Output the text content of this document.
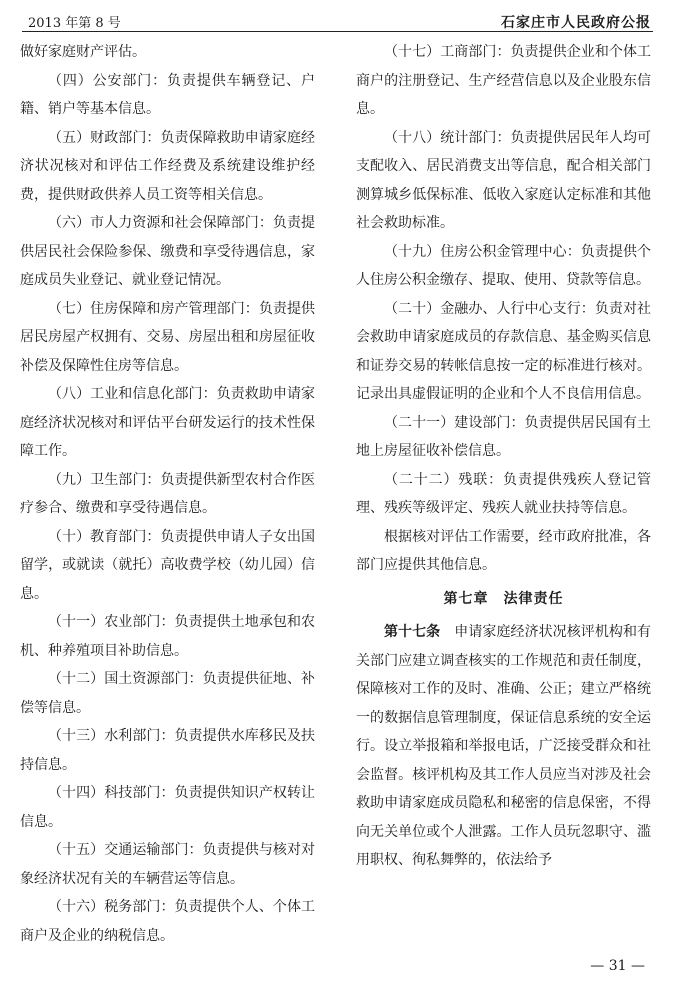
2013 年第 8 号	石家庄市人民政府公报

做好家庭财产评估。

（四）公安部门：负责提供车辆登记、户籍、销户等基本信息。

（五）财政部门：负责保障救助申请家庭经济状况核对和评估工作经费及系统建设维护经费，提供财政供养人员工资等相关信息。

（六）市人力资源和社会保障部门：负责提供居民社会保险参保、缴费和享受待遇信息，家庭成员失业登记、就业登记情况。

（七）住房保障和房产管理部门：负责提供居民房屋产权拥有、交易、房屋出租和房屋征收补偿及保障性住房等信息。

（八）工业和信息化部门：负责救助申请家庭经济状况核对和评估平台研发运行的技术性保障工作。

（九）卫生部门：负责提供新型农村合作医疗参合、缴费和享受待遇信息。

（十）教育部门：负责提供申请人子女出国留学，或就读（就托）高收费学校（幼儿园）信息。

（十一）农业部门：负责提供土地承包和农机、种养殖项目补助信息。

（十二）国土资源部门：负责提供征地、补偿等信息。

（十三）水利部门：负责提供水库移民及扶持信息。

（十四）科技部门：负责提供知识产权转让信息。

（十五）交通运输部门：负责提供与核对对象经济状况有关的车辆营运等信息。

（十六）税务部门：负责提供个人、个体工商户及企业的纳税信息。

（十七）工商部门：负责提供企业和个体工商户的注册登记、生产经营信息以及企业股东信息。

（十八）统计部门：负责提供居民年人均可支配收入、居民消费支出等信息，配合相关部门测算城乡低保标准、低收入家庭认定标准和其他社会救助标准。

（十九）住房公积金管理中心：负责提供个人住房公积金缴存、提取、使用、贷款等信息。

（二十）金融办、人行中心支行：负责对社会救助申请家庭成员的存款信息、基金购买信息和证券交易的转帐信息按一定的标准进行核对。记录出具虚假证明的企业和个人不良信用信息。

（二十一）建设部门：负责提供居民国有土地上房屋征收补偿信息。

（二十二）残联：负责提供残疾人登记管理、残疾等级评定、残疾人就业扶持等信息。

根据核对评估工作需要，经市政府批准，各部门应提供其他信息。

第七章　法律责任

第十七条　申请家庭经济状况核评机构和有关部门应建立调查核实的工作规范和责任制度，保障核对工作的及时、准确、公正；建立严格统一的数据信息管理制度，保证信息系统的安全运行。设立举报箱和举报电话，广泛接受群众和社会监督。核评机构及其工作人员应当对涉及社会救助申请家庭成员隐私和秘密的信息保密，不得向无关单位或个人泄露。工作人员玩忽职守、滥用职权、徇私舞弊的，依法给予

— 31 —
